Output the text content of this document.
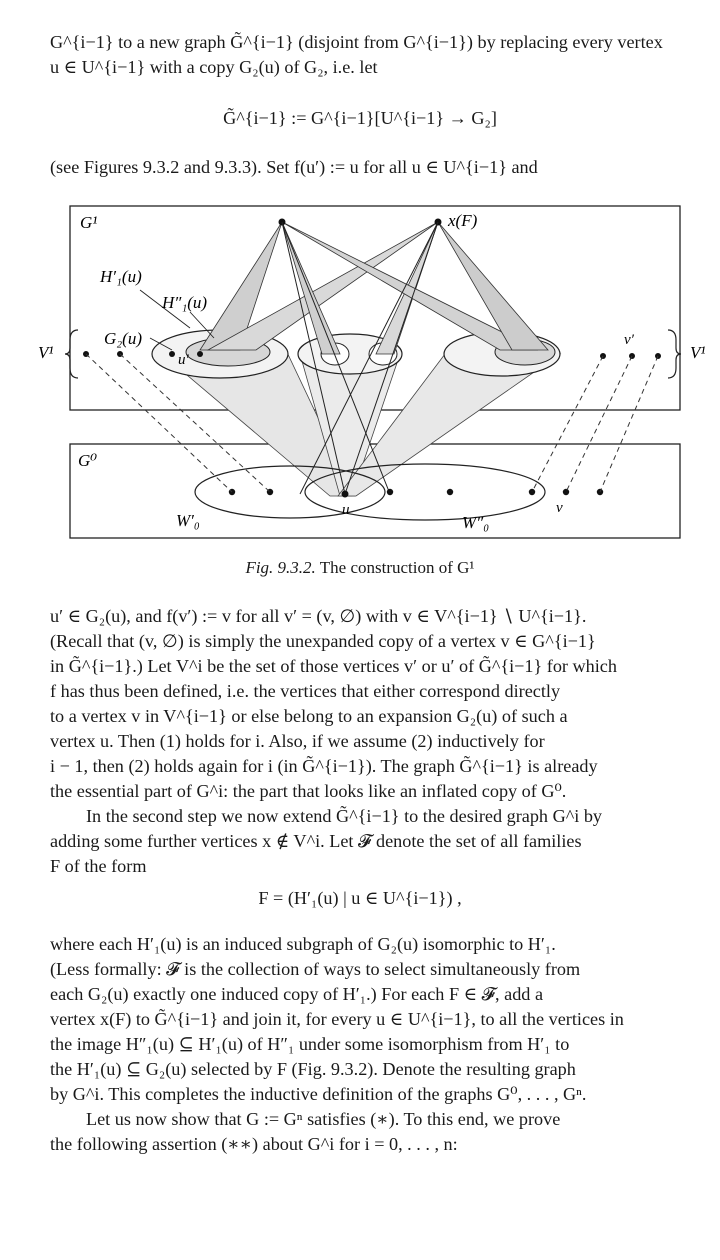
G^{i−1} to a new graph G̃^{i−1} (disjoint from G^{i−1}) by replacing every vertex
u ∈ U^{i−1} with a copy G₂(u) of G₂, i.e. let
G̃^{i−1} := G^{i−1}[U^{i−1} → G₂]
(see Figures 9.3.2 and 9.3.3). Set f(u′) := u for all u ∈ U^{i−1} and
G¹
G⁰
x(F)
H′₁(u)
H″₁(u)
G₂(u)
u′
v′
V¹	V¹
W′₀	W″₀
u	v
Fig. 9.3.2. The construction of G¹
u′ ∈ G₂(u), and f(v′) := v for all v′ = (v, ∅) with v ∈ V^{i−1} ∖ U^{i−1}.
(Recall that (v, ∅) is simply the unexpanded copy of a vertex v ∈ G^{i−1}
in G̃^{i−1}.) Let V^i be the set of those vertices v′ or u′ of G̃^{i−1} for which
f has thus been defined, i.e. the vertices that either correspond directly
to a vertex v in V^{i−1} or else belong to an expansion G₂(u) of such a
vertex u. Then (1) holds for i. Also, if we assume (2) inductively for
i − 1, then (2) holds again for i (in G̃^{i−1}). The graph G̃^{i−1} is already
the essential part of G^i: the part that looks like an inflated copy of G⁰.
In the second step we now extend G̃^{i−1} to the desired graph G^i by
adding some further vertices x ∉ V^i. Let 𝓕 denote the set of all families
F of the form
F = (H′₁(u) | u ∈ U^{i−1}) ,
where each H′₁(u) is an induced subgraph of G₂(u) isomorphic to H′₁.
(Less formally: 𝓕 is the collection of ways to select simultaneously from
each G₂(u) exactly one induced copy of H′₁.) For each F ∈ 𝓕, add a
vertex x(F) to G̃^{i−1} and join it, for every u ∈ U^{i−1}, to all the vertices in
the image H″₁(u) ⊆ H′₁(u) of H″₁ under some isomorphism from H′₁ to
the H′₁(u) ⊆ G₂(u) selected by F (Fig. 9.3.2). Denote the resulting graph
by G^i. This completes the inductive definition of the graphs G⁰, . . . , Gⁿ.
Let us now show that G := Gⁿ satisfies (∗). To this end, we prove
the following assertion (∗∗) about G^i for i = 0, . . . , n:
